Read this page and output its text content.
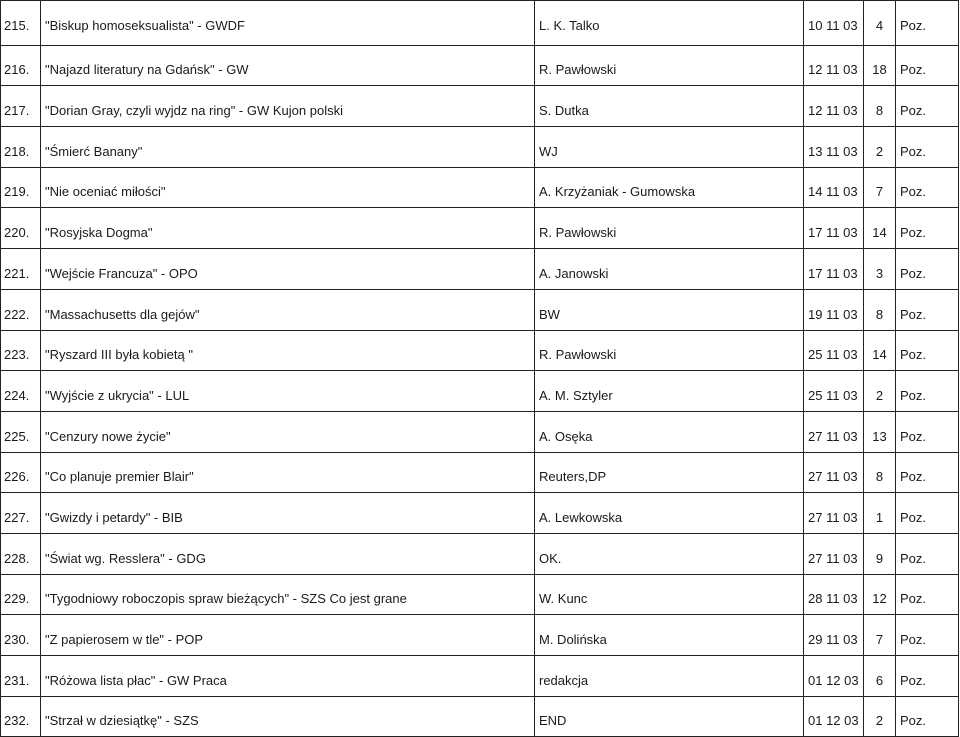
215.	"Biskup homoseksualista" - GWDF	L. K. Talko	10 11 03	4	Poz.
216.	"Najazd literatury na Gdańsk" - GW	R. Pawłowski	12 11 03	18	Poz.
217.	"Dorian Gray, czyli wyjdz na ring" - GW Kujon polski	S. Dutka	12 11 03	8	Poz.
218.	"Śmierć Banany"	WJ	13 11 03	2	Poz.
219.	"Nie oceniać miłości"	A. Krzyżaniak - Gumowska	14 11 03	7	Poz.
220.	"Rosyjska Dogma"	R. Pawłowski	17 11 03	14	Poz.
221.	"Wejście Francuza" - OPO	A. Janowski	17 11 03	3	Poz.
222.	"Massachusetts dla gejów"	BW	19 11 03	8	Poz.
223.	"Ryszard III była kobietą "	R. Pawłowski	25 11 03	14	Poz.
224.	"Wyjście z ukrycia" - LUL	A. M. Sztyler	25 11 03	2	Poz.
225.	"Cenzury nowe życie"	A. Osęka	27 11 03	13	Poz.
226.	"Co planuje premier Blair"	Reuters,DP	27 11 03	8	Poz.
227.	"Gwizdy i petardy" - BIB	A. Lewkowska	27 11 03	1	Poz.
228.	"Świat wg. Resslera" - GDG	OK.	27 11 03	9	Poz.
229.	"Tygodniowy roboczopis spraw bieżących" - SZS Co jest grane	W. Kunc	28 11 03	12	Poz.
230.	"Z papierosem w tle" - POP	M. Dolińska	29 11 03	7	Poz.
231.	"Różowa lista płac" - GW Praca	redakcja	01 12 03	6	Poz.
232.	"Strzał w dziesiątkę" - SZS	END	01 12 03	2	Poz.
